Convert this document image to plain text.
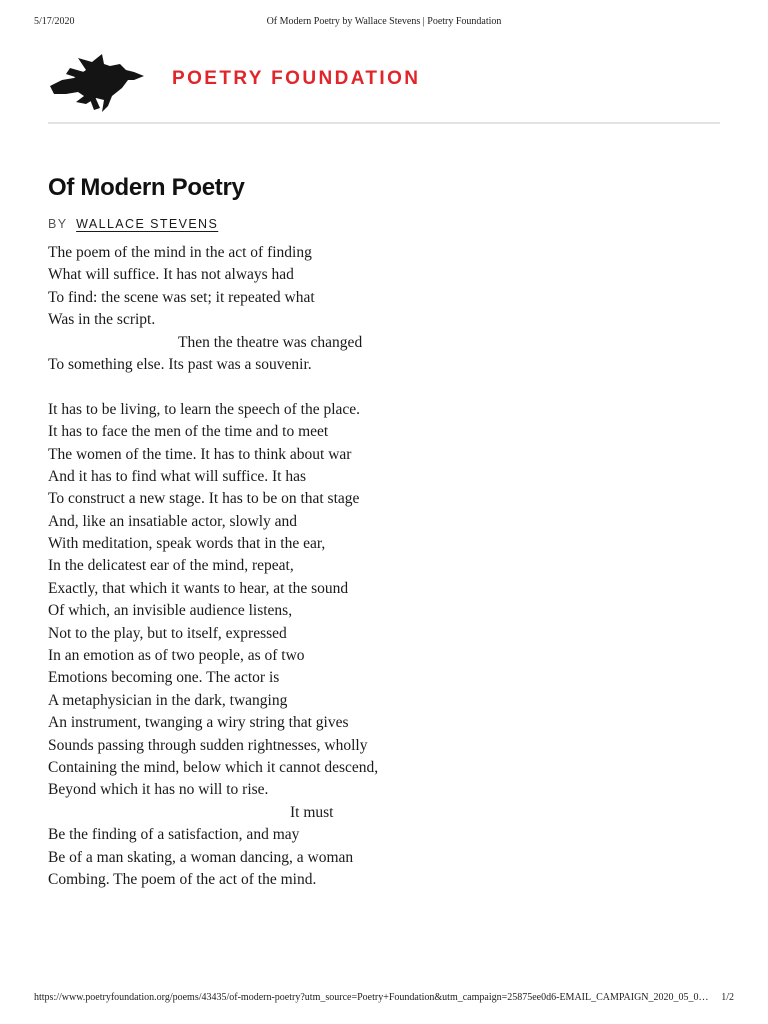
5/17/2020	Of Modern Poetry by Wallace Stevens | Poetry Foundation
POETRY FOUNDATION
Of Modern Poetry
BY WALLACE STEVENS
The poem of the mind in the act of finding
What will suffice. It has not always had
To find: the scene was set; it repeated what
Was in the script.
Then the theatre was changed
To something else. Its past was a souvenir.
It has to be living, to learn the speech of the place.
It has to face the men of the time and to meet
The women of the time. It has to think about war
And it has to find what will suffice. It has
To construct a new stage. It has to be on that stage
And, like an insatiable actor, slowly and
With meditation, speak words that in the ear,
In the delicatest ear of the mind, repeat,
Exactly, that which it wants to hear, at the sound
Of which, an invisible audience listens,
Not to the play, but to itself, expressed
In an emotion as of two people, as of two
Emotions becoming one. The actor is
A metaphysician in the dark, twanging
An instrument, twanging a wiry string that gives
Sounds passing through sudden rightnesses, wholly
Containing the mind, below which it cannot descend,
Beyond which it has no will to rise.
It must
Be the finding of a satisfaction, and may
Be of a man skating, a woman dancing, a woman
Combing. The poem of the act of the mind.
https://www.poetryfoundation.org/poems/43435/of-modern-poetry?utm_source=Poetry+Foundation&utm_campaign=25875ee0d6-EMAIL_CAMPAIGN_2020_05_0… 1/2
